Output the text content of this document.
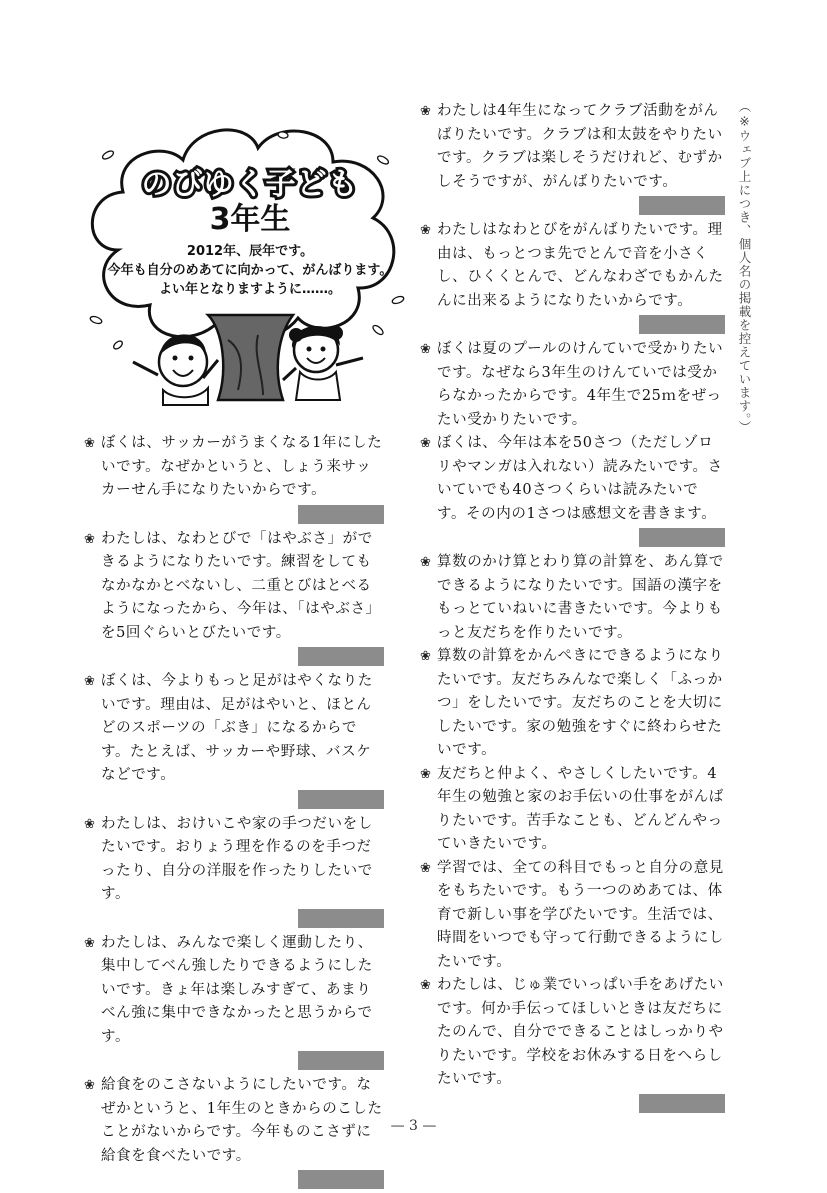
のびゆく子ども
3年生
2012年、辰年です。
今年も自分のめあてに向かって、がんばります。
よい年となりますように……。
❀ ぼくは、サッカーがうまくなる1年にしたいです。なぜかというと、しょう来サッカーせん手になりたいからです。
❀ わたしは、なわとびで「はやぶさ」ができるようになりたいです。練習をしてもなかなかとべないし、二重とびはとべるようになったから、今年は、「はやぶさ」を5回ぐらいとびたいです。
❀ ぼくは、今よりもっと足がはやくなりたいです。理由は、足がはやいと、ほとんどのスポーツの「ぶき」になるからです。たとえば、サッカーや野球、バスケなどです。
❀ わたしは、おけいこや家の手つだいをしたいです。おりょう理を作るのを手つだったり、自分の洋服を作ったりしたいです。
❀ わたしは、みんなで楽しく運動したり、集中してべん強したりできるようにしたいです。きょ年は楽しみすぎて、あまりべん強に集中できなかったと思うからです。
❀ 給食をのこさないようにしたいです。なぜかというと、1年生のときからのこしたことがないからです。今年ものこさずに給食を食べたいです。
❀ わたしは4年生になってクラブ活動をがんばりたいです。クラブは和太鼓をやりたいです。クラブは楽しそうだけれど、むずかしそうですが、がんばりたいです。
❀ わたしはなわとびをがんばりたいです。理由は、もっとつま先でとんで音を小さくし、ひくくとんで、どんなわざでもかんたんに出来るようになりたいからです。
❀ ぼくは夏のプールのけんていで受かりたいです。なぜなら3年生のけんていでは受からなかったからです。4年生で25ｍをぜったい受かりたいです。
❀ ぼくは、今年は本を50さつ（ただしゾロリやマンガは入れない）読みたいです。さいていでも40さつくらいは読みたいです。その内の1さつは感想文を書きます。
❀ 算数のかけ算とわり算の計算を、あん算でできるようになりたいです。国語の漢字をもっとていねいに書きたいです。今よりもっと友だちを作りたいです。
❀ 算数の計算をかんぺきにできるようになりたいです。友だちみんなで楽しく「ふっかつ」をしたいです。友だちのことを大切にしたいです。家の勉強をすぐに終わらせたいです。
❀ 友だちと仲よく、やさしくしたいです。4年生の勉強と家のお手伝いの仕事をがんばりたいです。苦手なことも、どんどんやっていきたいです。
❀ 学習では、全ての科目でもっと自分の意見をもちたいです。もう一つのめあては、体育で新しい事を学びたいです。生活では、時間をいつでも守って行動できるようにしたいです。
❀ わたしは、じゅ業でいっぱい手をあげたいです。何か手伝ってほしいときは友だちにたのんで、自分でできることはしっかりやりたいです。学校をお休みする日をへらしたいです。
（※ウェブ上につき、個人名の掲載を控えています。）
— 3 —
